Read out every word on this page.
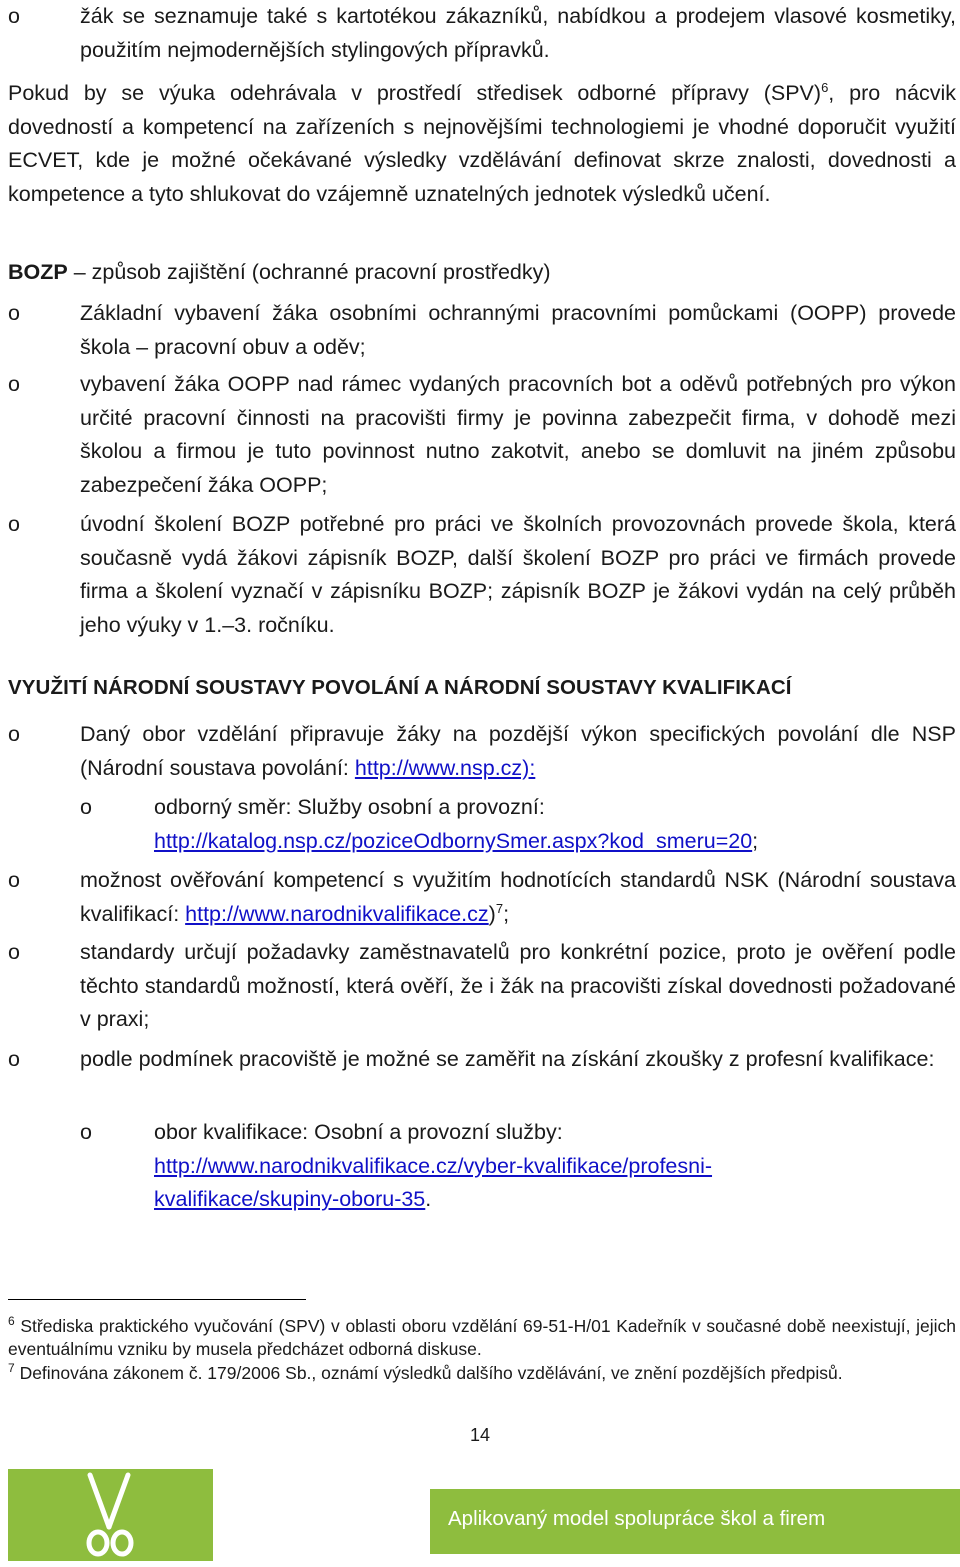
o	žák se seznamuje také s kartotékou zákazníků, nabídkou a prodejem vlasové kosmetiky, použitím nejmodernějších stylingových přípravků.
Pokud by se výuka odehrávala v prostředí středisek odborné přípravy (SPV)$^6$, pro nácvik dovedností a kompetencí na zařízeních s nejnovějšími technologiemi je vhodné doporučit využití ECVET, kde je možné očekávané výsledky vzdělávání definovat skrze znalosti, dovednosti a kompetence a tyto shlukovat do vzájemně uznatelných jednotek výsledků učení.
BOZP – způsob zajištění (ochranné pracovní prostředky)
o	Základní vybavení žáka osobními ochrannými pracovními pomůckami (OOPP) provede škola – pracovní obuv a oděv;
o	vybavení žáka OOPP nad rámec vydaných pracovních bot a oděvů potřebných pro výkon určité pracovní činnosti na pracovišti firmy je povinna zabezpečit firma, v dohodě mezi školou a firmou je tuto povinnost nutno zakotvit, anebo se domluvit na jiném způsobu zabezpečení žáka OOPP;
o	úvodní školení BOZP potřebné pro práci ve školních provozovnách provede škola, která současně vydá žákovi zápisník BOZP, další školení BOZP pro práci ve firmách provede firma a školení vyznačí v zápisníku BOZP; zápisník BOZP je žákovi vydán na celý průběh jeho výuky v 1.–3. ročníku.
VYUŽITÍ NÁRODNÍ SOUSTAVY POVOLÁNÍ A NÁRODNÍ SOUSTAVY KVALIFIKACÍ
o	Daný obor vzdělání připravuje žáky na pozdější výkon specifických povolání dle NSP (Národní soustava povolání: http://www.nsp.cz):
o	odborný směr: Služby osobní a provozní: http://katalog.nsp.cz/poziceOdbornySmer.aspx?kod_smeru=20;
o	možnost ověřování kompetencí s využitím hodnotících standardů NSK (Národní soustava kvalifikací: http://www.narodnikvalifikace.cz)$^7$;
o	standardy určují požadavky zaměstnavatelů pro konkrétní pozice, proto je ověření podle těchto standardů možností, která ověří, že i žák na pracovišti získal dovednosti požadované v praxi;
o	podle podmínek pracoviště je možné se zaměřit na získání zkoušky z profesní kvalifikace:
o	obor kvalifikace: Osobní a provozní služby:
http://www.narodnikvalifikace.cz/vyber-kvalifikace/profesni-
kvalifikace/skupiny-oboru-35.
$^6$ Střediska praktického vyučování (SPV) v oblasti oboru vzdělání 69-51-H/01 Kadeřník v současné době neexistují, jejich eventuálnímu vzniku by musela předcházet odborná diskuse.
$^7$ Definována zákonem č. 179/2006 Sb., oznámí výsledků dalšího vzdělávání, ve znění pozdějších předpisů.
14
Aplikovaný model spolupráce škol a firem
